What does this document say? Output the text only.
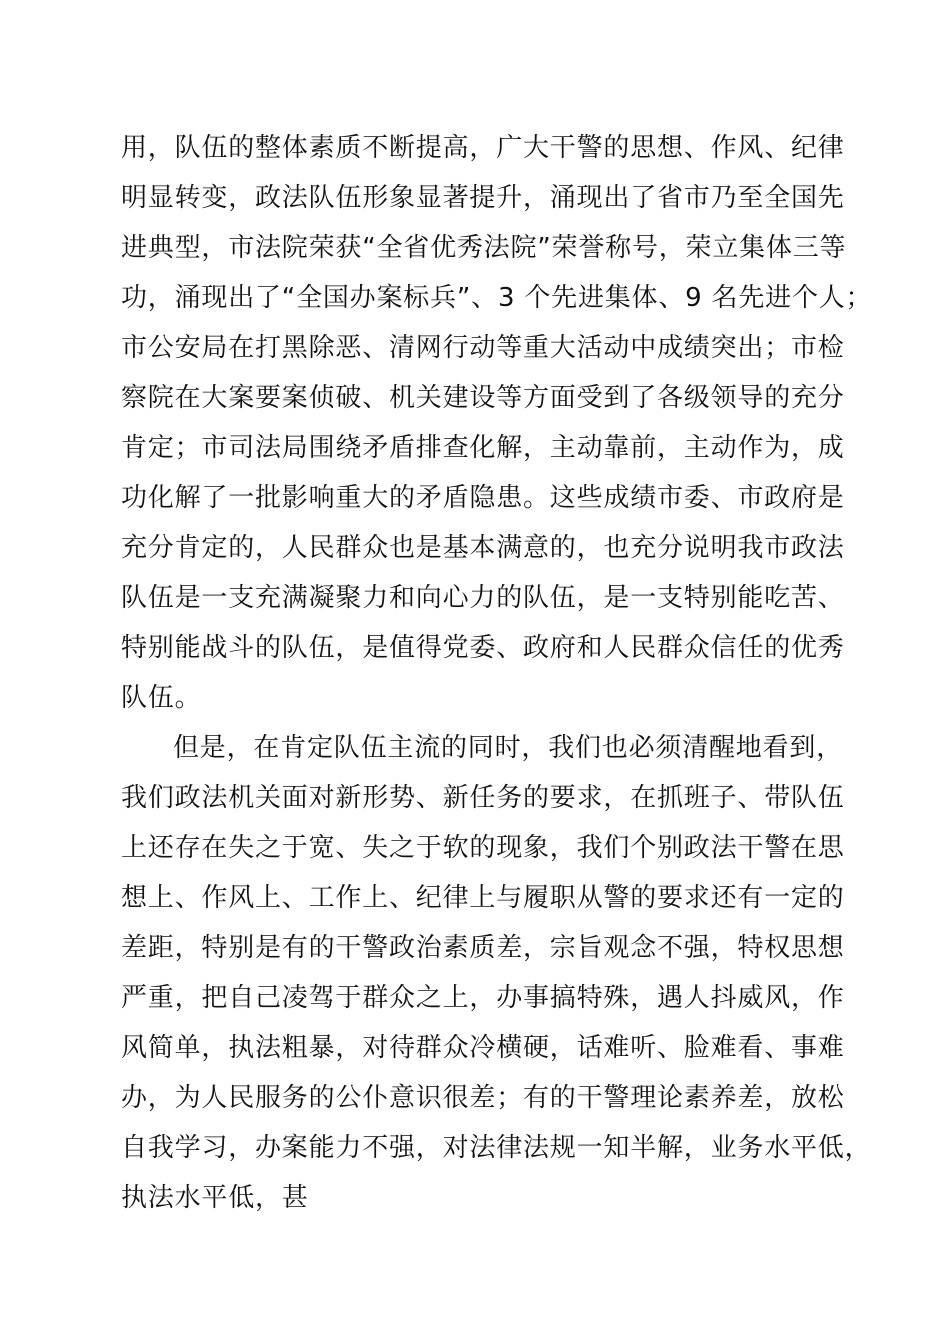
用，队伍的整体素质不断提高，广大干警的思想、作风、纪律
明显转变，政法队伍形象显著提升，涌现出了省市乃至全国先
进典型，市法院荣获“全省优秀法院”荣誉称号，荣立集体三等
功，涌现出了“全国办案标兵”、3 个先进集体、9 名先进个人；
市公安局在打黑除恶、清网行动等重大活动中成绩突出；市检
察院在大案要案侦破、机关建设等方面受到了各级领导的充分
肯定；市司法局围绕矛盾排查化解，主动靠前，主动作为，成
功化解了一批影响重大的矛盾隐患。这些成绩市委、市政府是
充分肯定的，人民群众也是基本满意的，也充分说明我市政法
队伍是一支充满凝聚力和向心力的队伍，是一支特别能吃苦、
特别能战斗的队伍，是值得党委、政府和人民群众信任的优秀
队伍。
但是，在肯定队伍主流的同时，我们也必须清醒地看到，
我们政法机关面对新形势、新任务的要求，在抓班子、带队伍
上还存在失之于宽、失之于软的现象，我们个别政法干警在思
想上、作风上、工作上、纪律上与履职从警的要求还有一定的
差距，特别是有的干警政治素质差，宗旨观念不强，特权思想
严重，把自己凌驾于群众之上，办事搞特殊，遇人抖威风，作
风简单，执法粗暴，对待群众冷横硬，话难听、脸难看、事难
办，为人民服务的公仆意识很差；有的干警理论素养差，放松
自我学习，办案能力不强，对法律法规一知半解，业务水平低，
执法水平低，甚
